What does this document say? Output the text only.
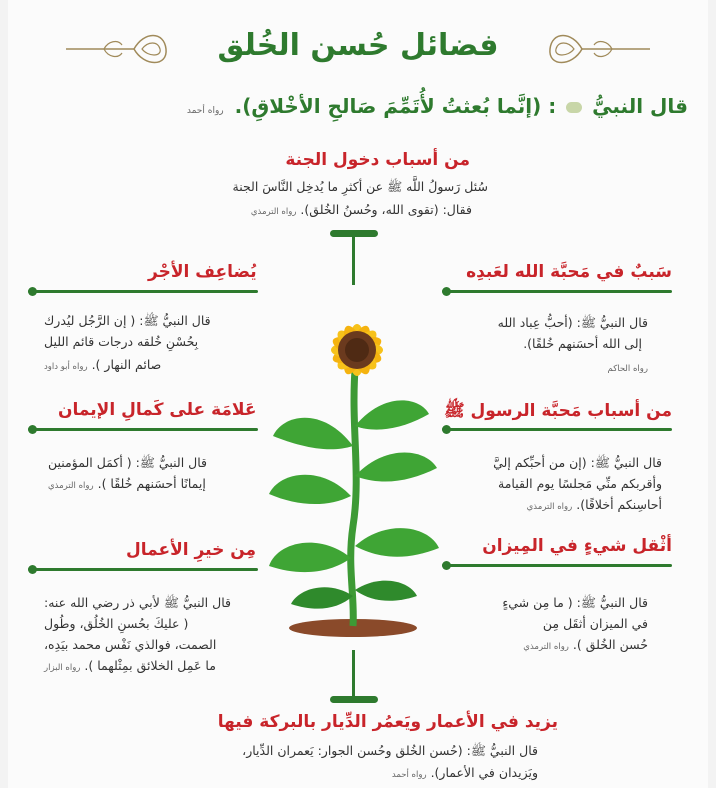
فضائل حُسن الخُلق
قال النبيُّ  : (إنَّما بُعثتُ لأُتَمِّمَ صَالحِ الأخْلاقِ). رواه أحمد
من أسباب دخول الجنة
سُئل رَسولُ اللَّه ﷺ عن أكثرِ ما يُدخِل النَّاسَ الجنة
فقال: (تقوى الله، وحُسنُ الخُلق). رواه الترمذي
سَببٌ في مَحبَّة الله لعَبدِه
قال النبيُّ ﷺ: (أحبُّ عِباد الله
إلى الله أحسَنهم خُلقًا).
رواه الحاكم
من أسباب مَحبَّة الرسول ﷺ
قال النبيُّ ﷺ: (إن من أحبِّكم إليَّ
وأقربكم منِّي مَجلسًا يوم القيامة
أحاسِنكم أخلاقًا). رواه الترمذي
أثْقل شيءٍ في المِيزان
قال النبيُّ ﷺ: ( ما مِن شيءٍ
في الميزان أثقَل مِن
حُسن الخُلق ). رواه الترمذي
يُضاعِف الأجْر
قال النبيُّ ﷺ: ( إن الرَّجُل ليُدرك
بِحُسْنِ خُلقه درجات قائم الليل
صائم النهار ). رواه أبو داود
عَلامَة على كَمالِ الإيمان
قال النبيُّ ﷺ: ( أكمَل المؤمنين
إيمانًا أحسَنهم خُلقًا ). رواه الترمذي
مِن خيرِ الأعمال
قال النبيُّ ﷺ لأبي ذر رضي الله عنه:
( عليكَ بحُسنِ الخُلُق، وطُول
الصمت، فوالذي نَفْس محمد بيَدِه،
ما عَمِل الخلائق بمِثْلهما ). رواه البزار
يزيد في الأعمار ويَعمُر الدِّيار بالبركة فيها
قال النبيُّ ﷺ: (حُسن الخُلق وحُسن الجوار: يَعمران الدِّيار،
ويَزيدان في الأعمار). رواه أحمد
